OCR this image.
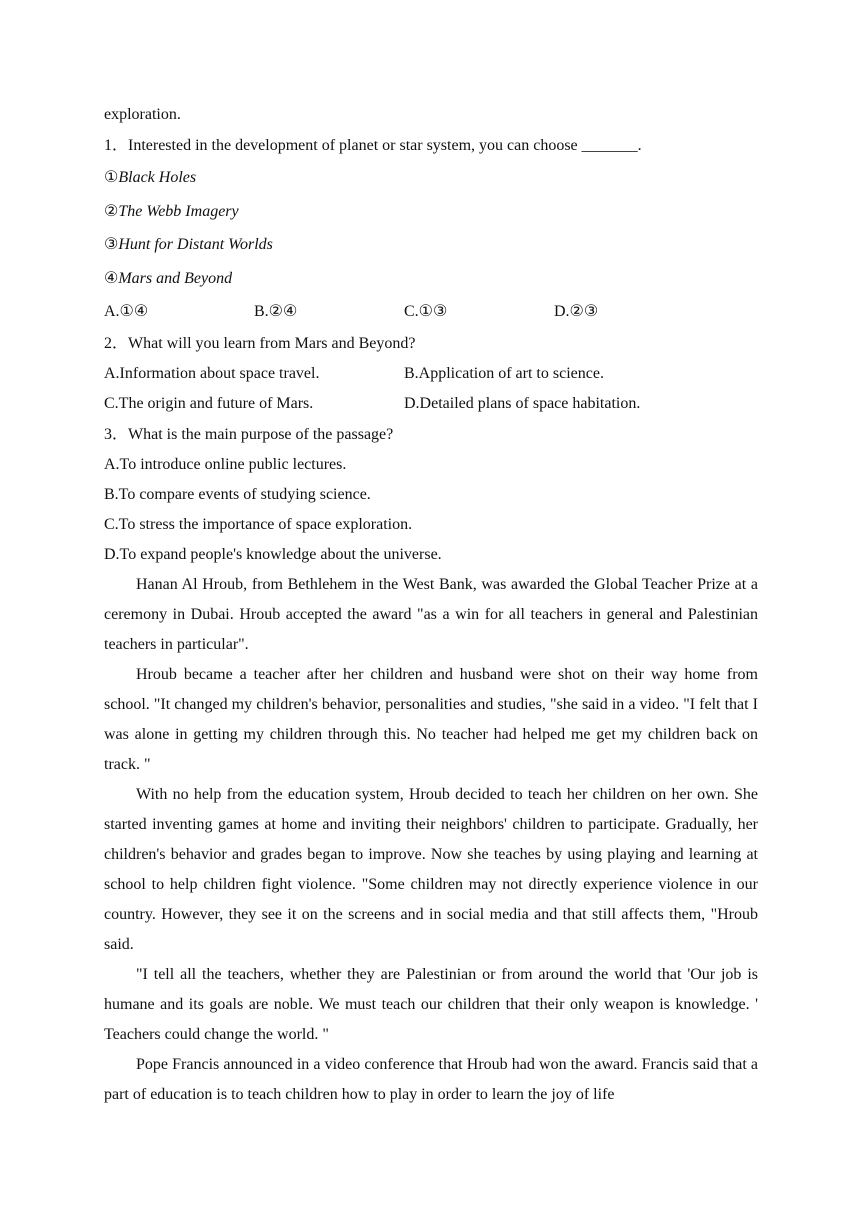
exploration.
1．Interested in the development of planet or star system, you can choose _______.
①Black Holes
②The Webb Imagery
③Hunt for Distant Worlds
④Mars and Beyond
A.①④	B.②④	C.①③	D.②③
2．What will you learn from Mars and Beyond?
A.Information about space travel.	B.Application of art to science.
C.The origin and future of Mars.	D.Detailed plans of space habitation.
3．What is the main purpose of the passage?
A.To introduce online public lectures.
B.To compare events of studying science.
C.To stress the importance of space exploration.
D.To expand people's knowledge about the universe.

Hanan Al Hroub, from Bethlehem in the West Bank, was awarded the Global Teacher Prize at a ceremony in Dubai. Hroub accepted the award "as a win for all teachers in general and Palestinian teachers in particular".

Hroub became a teacher after her children and husband were shot on their way home from school. "It changed my children's behavior, personalities and studies, "she said in a video. "I felt that I was alone in getting my children through this. No teacher had helped me get my children back on track. "

With no help from the education system, Hroub decided to teach her children on her own. She started inventing games at home and inviting their neighbors' children to participate. Gradually, her children's behavior and grades began to improve. Now she teaches by using playing and learning at school to help children fight violence. "Some children may not directly experience violence in our country. However, they see it on the screens and in social media and that still affects them, "Hroub said.

"I tell all the teachers, whether they are Palestinian or from around the world that 'Our job is humane and its goals are noble. We must teach our children that their only weapon is knowledge. ' Teachers could change the world. "

Pope Francis announced in a video conference that Hroub had won the award. Francis said that a part of education is to teach children how to play in order to learn the joy of life
